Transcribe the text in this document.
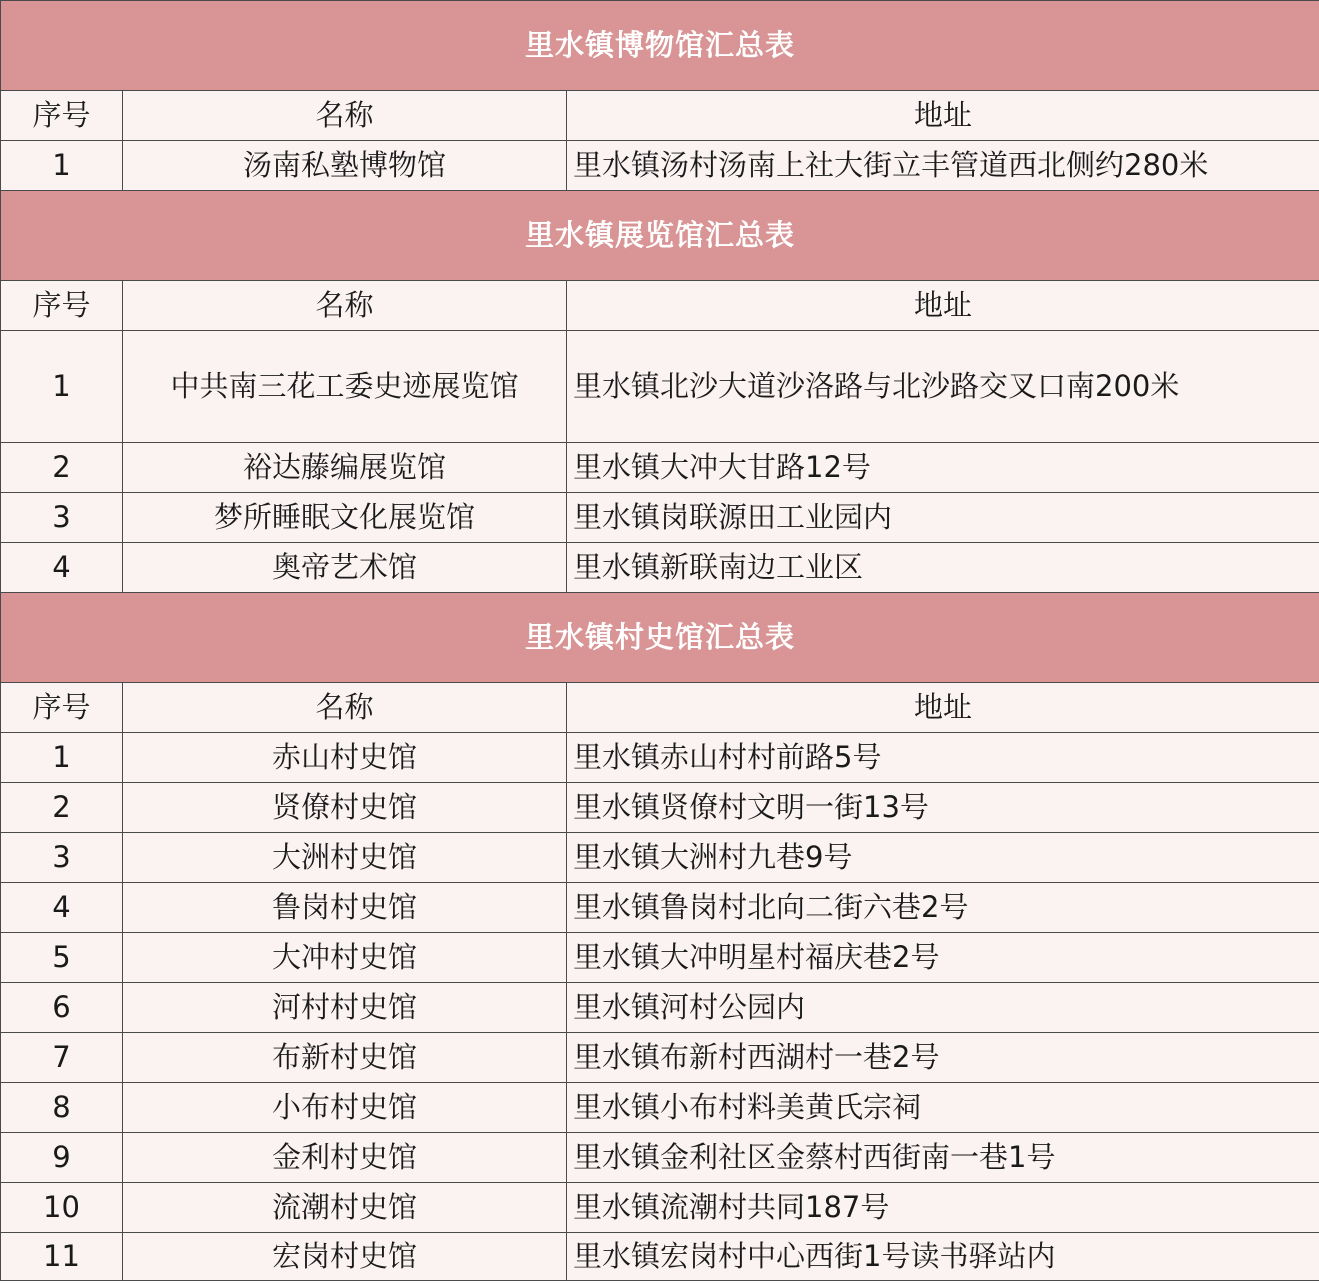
里水镇博物馆汇总表		
序号	名称	地址
1	汤南私塾博物馆	里水镇汤村汤南上社大街立丰管道西北侧约280米
里水镇展览馆汇总表		
序号	名称	地址
1	中共南三花工委史迹展览馆	里水镇北沙大道沙洛路与北沙路交叉口南200米
2	裕达藤编展览馆	里水镇大冲大甘路12号
3	梦所睡眠文化展览馆	里水镇岗联源田工业园内
4	奥帝艺术馆	里水镇新联南边工业区
里水镇村史馆汇总表		
序号	名称	地址
1	赤山村史馆	里水镇赤山村村前路5号
2	贤僚村史馆	里水镇贤僚村文明一街13号
3	大洲村史馆	里水镇大洲村九巷9号
4	鲁岗村史馆	里水镇鲁岗村北向二街六巷2号
5	大冲村史馆	里水镇大冲明星村福庆巷2号
6	河村村史馆	里水镇河村公园内
7	布新村史馆	里水镇布新村西湖村一巷2号
8	小布村史馆	里水镇小布村料美黄氏宗祠
9	金利村史馆	里水镇金利社区金蔡村西街南一巷1号
10	流潮村史馆	里水镇流潮村共同187号
11	宏岗村史馆	里水镇宏岗村中心西街1号读书驿站内
